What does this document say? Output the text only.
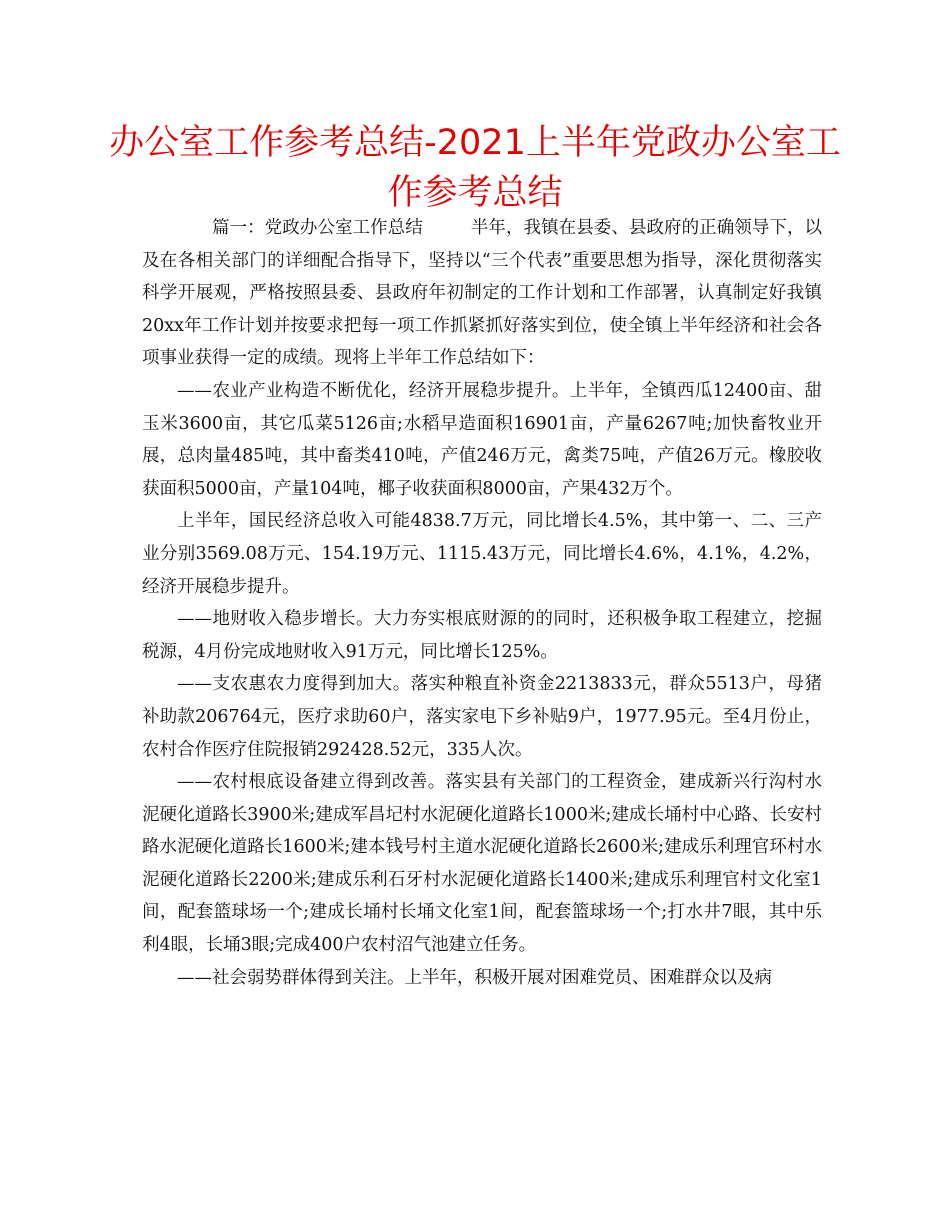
办公室工作参考总结-2021上半年党政办公室工作参考总结

篇一：党政办公室工作总结	半年，我镇在县委、县政府的正确领导下，以及在各相关部门的详细配合指导下，坚持以“三个代表”重要思想为指导，深化贯彻落实科学开展观，严格按照县委、县政府年初制定的工作计划和工作部署，认真制定好我镇20xx年工作计划并按要求把每一项工作抓紧抓好落实到位，使全镇上半年经济和社会各项事业获得一定的成绩。现将上半年工作总结如下：

——农业产业构造不断优化，经济开展稳步提升。上半年，全镇西瓜12400亩、甜玉米3600亩，其它瓜菜5126亩;水稻早造面积16901亩，产量6267吨;加快畜牧业开展，总肉量485吨，其中畜类410吨，产值246万元，禽类75吨，产值26万元。橡胶收获面积5000亩，产量104吨，椰子收获面积8000亩，产果432万个。

上半年，国民经济总收入可能4838.7万元，同比增长4.5%，其中第一、二、三产业分别3569.08万元、154.19万元、1115.43万元，同比增长4.6%，4.1%，4.2%，经济开展稳步提升。

——地财收入稳步增长。大力夯实根底财源的的同时，还积极争取工程建立，挖掘税源，4月份完成地财收入91万元，同比增长125%。

——支农惠农力度得到加大。落实种粮直补资金2213833元，群众5513户，母猪补助款206764元，医疗求助60户，落实家电下乡补贴9户，1977.95元。至4月份止，农村合作医疗住院报销292428.52元，335人次。

——农村根底设备建立得到改善。落实县有关部门的工程资金，建成新兴行沟村水泥硬化道路长3900米;建成军昌圮村水泥硬化道路长1000米;建成长埇村中心路、长安村路水泥硬化道路长1600米;建本钱号村主道水泥硬化道路长2600米;建成乐利理官环村水泥硬化道路长2200米;建成乐利石牙村水泥硬化道路长1400米;建成乐利理官村文化室1间，配套篮球场一个;建成长埇村长埇文化室1间，配套篮球场一个;打水井7眼，其中乐利4眼，长埇3眼;完成400户农村沼气池建立任务。

——社会弱势群体得到关注。上半年，积极开展对困难党员、困难群众以及病
